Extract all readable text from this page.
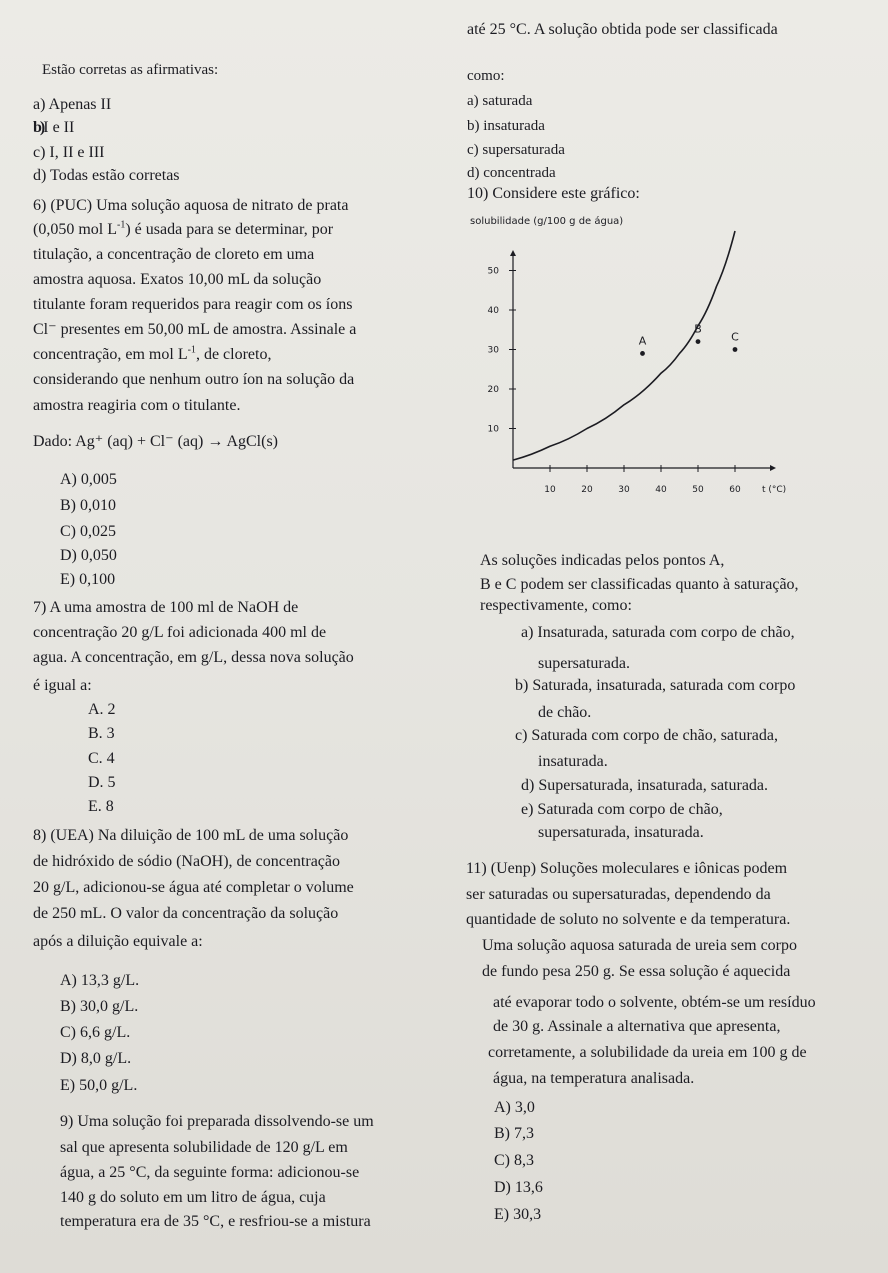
Estão corretas as afirmativas:
a) Apenas II
b)I e II
c) I, II e III
d) Todas estão corretas
6) (PUC) Uma solução aquosa de nitrato de prata
(0,050 mol $L^{-1}$) é usada para se determinar, por
titulação, a concentração de cloreto em uma
amostra aquosa. Exatos 10,00 mL da solução
titulante foram requeridos para reagir com os íons
Cl⁻ presentes em 50,00 mL de amostra. Assinale a
concentração, em mol $L^{-1}$, de cloreto,
considerando que nenhum outro íon na solução da
amostra reagiria com o titulante.
Dado: Ag⁺ (aq) + Cl⁻ (aq) → AgCl(s)
A) 0,005
B) 0,010
C) 0,025
D) 0,050
E) 0,100
7) A uma amostra de 100 ml de NaOH de
concentração 20 g/L foi adicionada 400 ml de
agua. A concentração, em g/L, dessa nova solução
é igual a:
A. 2
B. 3
C. 4
D. 5
E. 8
8) (UEA) Na diluição de 100 mL de uma solução
de hidróxido de sódio (NaOH), de concentração
20 g/L, adicionou-se água até completar o volume
de 250 mL. O valor da concentração da solução
após a diluição equivale a:
A) 13,3 g/L.
B) 30,0 g/L.
C) 6,6 g/L.
D) 8,0 g/L.
E) 50,0 g/L.
9) Uma solução foi preparada dissolvendo-se um
sal que apresenta solubilidade de 120 g/L em
água, a 25 °C, da seguinte forma: adicionou-se
140 g do soluto em um litro de água, cuja
temperatura era de 35 °C, e resfriou-se a mistura
até 25 °C. A solução obtida pode ser classificada
como:
a) saturada
b) insaturada
c) supersaturada
d) concentrada
10) Considere este gráfico:
10
20
30
40
50
10	20	30	40	50	60
solubilidade (g/100 g de água)
t (°C)
A
B
C
As soluções indicadas pelos pontos A,
B e C podem ser classificadas quanto à saturação,
respectivamente, como:
a) Insaturada, saturada com corpo de chão,
supersaturada.
b) Saturada, insaturada, saturada com corpo
de chão.
c) Saturada com corpo de chão, saturada,
insaturada.
d) Supersaturada, insaturada, saturada.
e) Saturada com corpo de chão,
supersaturada, insaturada.
11) (Uenp) Soluções moleculares e iônicas podem
ser saturadas ou supersaturadas, dependendo da
quantidade de soluto no solvente e da temperatura.
Uma solução aquosa saturada de ureia sem corpo
de fundo pesa 250 g. Se essa solução é aquecida
até evaporar todo o solvente, obtém-se um resíduo
de 30 g. Assinale a alternativa que apresenta,
corretamente, a solubilidade da ureia em 100 g de
água, na temperatura analisada.
A) 3,0
B) 7,3
C) 8,3
D) 13,6
E) 30,3
